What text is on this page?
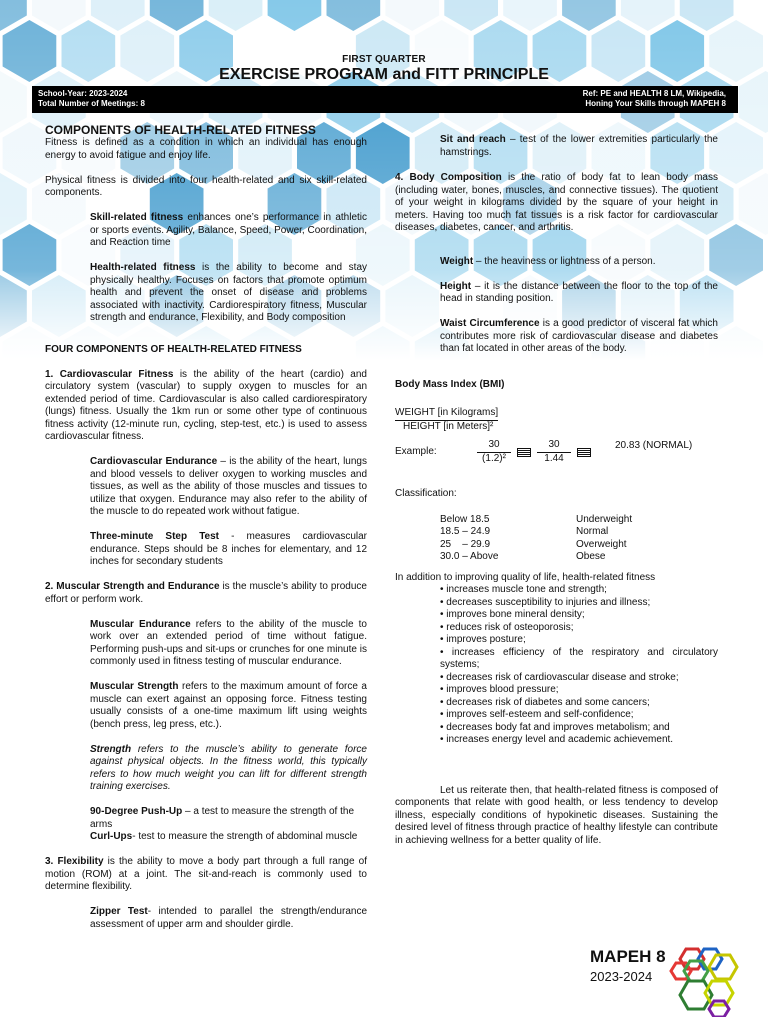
FIRST QUARTER
EXERCISE PROGRAM and FITT PRINCIPLE
School-Year: 2023-2024
Total Number of Meetings: 8
Ref: PE and HEALTH 8 LM, Wikipedia,
Honing Your Skills through MAPEH 8

COMPONENTS OF HEALTH-RELATED FITNESS

Fitness is defined as a condition in which an individual has enough energy to avoid fatigue and enjoy life.

Physical fitness is divided into four health-related and six skill-related components.

Skill-related fitness enhances one’s performance in athletic or sports events. Agility, Balance, Speed, Power, Coordination, and Reaction time

Health-related fitness is the ability to become and stay physically healthy. Focuses on factors that promote optimum health and prevent the onset of disease and problems associated with inactivity. Cardiorespiratory fitness, Muscular strength and endurance, Flexibility, and Body composition

FOUR COMPONENTS OF HEALTH-RELATED FITNESS

1. Cardiovascular Fitness is the ability of the heart (cardio) and circulatory system (vascular) to supply oxygen to muscles for an extended period of time. Cardiovascular is also called cardiorespiratory (lungs) fitness. Usually the 1km run or some other type of continuous fitness activity (12-minute run, cycling, step-test, etc.) is used to assess cardiovascular fitness.

Cardiovascular Endurance – is the ability of the heart, lungs and blood vessels to deliver oxygen to working muscles and tissues, as well as the ability of those muscles and tissues to utilize that oxygen. Endurance may also refer to the ability of the muscle to do repeated work without fatigue.

Three-minute Step Test - measures cardiovascular endurance. Steps should be 8 inches for elementary, and 12 inches for secondary students

2. Muscular Strength and Endurance is the muscle’s ability to produce effort or perform work.

Muscular Endurance refers to the ability of the muscle to work over an extended period of time without fatigue. Performing push-ups and sit-ups or crunches for one minute is commonly used in fitness testing of muscular endurance.

Muscular Strength refers to the maximum amount of force a muscle can exert against an opposing force. Fitness testing usually consists of a one-time maximum lift using weights (bench press, leg press, etc.).

Strength refers to the muscle’s ability to generate force against physical objects. In the fitness world, this typically refers to how much weight you can lift for different strength training exercises.

90-Degree Push-Up – a test to measure the strength of the arms

Curl-Ups- test to measure the strength of abdominal muscle

3. Flexibility is the ability to move a body part through a full range of motion (ROM) at a joint. The sit-and-reach is commonly used to determine flexibility.

Zipper Test- intended to parallel the strength/endurance assessment of upper arm and shoulder girdle.

Sit and reach – test of the lower extremities particularly the hamstrings.

4. Body Composition is the ratio of body fat to lean body mass (including water, bones, muscles, and connective tissues). The quotient of your weight in kilograms divided by the square of your height in meters. Having too much fat tissues is a risk factor for cardiovascular diseases, diabetes, cancer, and arthritis.

Weight – the heaviness or lightness of a person.

Height – it is the distance between the floor to the top of the head in standing position.

Waist Circumference is a good predictor of visceral fat which contributes more risk of cardiovascular disease and diabetes than fat located in other areas of the body.

Body Mass Index (BMI)

WEIGHT [in Kilograms]
HEIGHT [in Meters]²
Example:	$\frac{30}{\text{(1.2)²}}$	$\frac{30}{1.44}$	20.83 (NORMAL)

Classification:

Below 18.5	Underweight
18.5 – 24.9	Normal
25    – 29.9	Overweight
30.0 – Above	Obese

In addition to improving quality of life, health-related fitness

• increases muscle tone and strength;

• decreases susceptibility to injuries and illness;

• improves bone mineral density;

• reduces risk of osteoporosis;

• improves posture;

• increases efficiency of the respiratory and circulatory systems;

• decreases risk of cardiovascular disease and stroke;

• improves blood pressure;

• decreases risk of diabetes and some cancers;

• improves self-esteem and self-confidence;

• decreases body fat and improves metabolism; and

• increases energy level and academic achievement.

Let us reiterate then, that health-related fitness is composed of components that relate with good health, or less tendency to develop illness, especially conditions of hypokinetic diseases. Sustaining the desired level of fitness through practice of healthy lifestyle can contribute in achieving wellness for a better quality of life.

MAPEH 8
2023-2024
